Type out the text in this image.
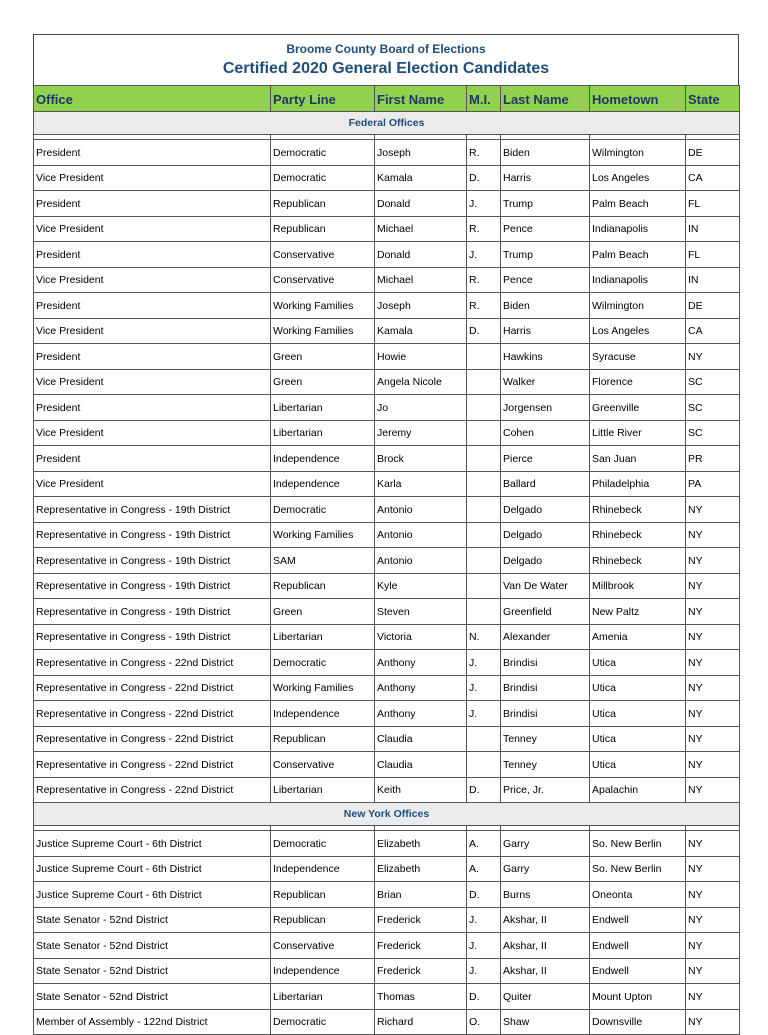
Broome County Board of Elections
Certified 2020 General Election Candidates
Office	Party Line	First Name	M.I.	Last Name	Hometown	State
Federal Offices						

President	Democratic	Joseph	R.	Biden	Wilmington	DE
Vice President	Democratic	Kamala	D.	Harris	Los Angeles	CA
President	Republican	Donald	J.	Trump	Palm Beach	FL
Vice President	Republican	Michael	R.	Pence	Indianapolis	IN
President	Conservative	Donald	J.	Trump	Palm Beach	FL
Vice President	Conservative	Michael	R.	Pence	Indianapolis	IN
President	Working Families	Joseph	R.	Biden	Wilmington	DE
Vice President	Working Families	Kamala	D.	Harris	Los Angeles	CA
President	Green	Howie		Hawkins	Syracuse	NY
Vice President	Green	Angela Nicole		Walker	Florence	SC
President	Libertarian	Jo		Jorgensen	Greenville	SC
Vice President	Libertarian	Jeremy		Cohen	Little River	SC
President	Independence	Brock		Pierce	San Juan	PR
Vice President	Independence	Karla		Ballard	Philadelphia	PA
Representative in Congress - 19th District	Democratic	Antonio		Delgado	Rhinebeck	NY
Representative in Congress - 19th District	Working Families	Antonio		Delgado	Rhinebeck	NY
Representative in Congress - 19th District	SAM	Antonio		Delgado	Rhinebeck	NY
Representative in Congress - 19th District	Republican	Kyle		Van De Water	Millbrook	NY
Representative in Congress - 19th District	Green	Steven		Greenfield	New Paltz	NY
Representative in Congress - 19th District	Libertarian	Victoria	N.	Alexander	Amenia	NY
Representative in Congress - 22nd District	Democratic	Anthony	J.	Brindisi	Utica	NY
Representative in Congress - 22nd District	Working Families	Anthony	J.	Brindisi	Utica	NY
Representative in Congress - 22nd District	Independence	Anthony	J.	Brindisi	Utica	NY
Representative in Congress - 22nd District	Republican	Claudia		Tenney	Utica	NY
Representative in Congress - 22nd District	Conservative	Claudia		Tenney	Utica	NY
Representative in Congress - 22nd District	Libertarian	Keith	D.	Price, Jr.	Apalachin	NY
New York Offices						

Justice Supreme Court - 6th District	Democratic	Elizabeth	A.	Garry	So. New Berlin	NY
Justice Supreme Court - 6th District	Independence	Elizabeth	A.	Garry	So. New Berlin	NY
Justice Supreme Court - 6th District	Republican	Brian	D.	Burns	Oneonta	NY
State Senator - 52nd District	Republican	Frederick	J.	Akshar, II	Endwell	NY
State Senator - 52nd District	Conservative	Frederick	J.	Akshar, II	Endwell	NY
State Senator - 52nd District	Independence	Frederick	J.	Akshar, II	Endwell	NY
State Senator - 52nd District	Libertarian	Thomas	D.	Quiter	Mount Upton	NY
Member of Assembly - 122nd District	Democratic	Richard	O.	Shaw	Downsville	NY
